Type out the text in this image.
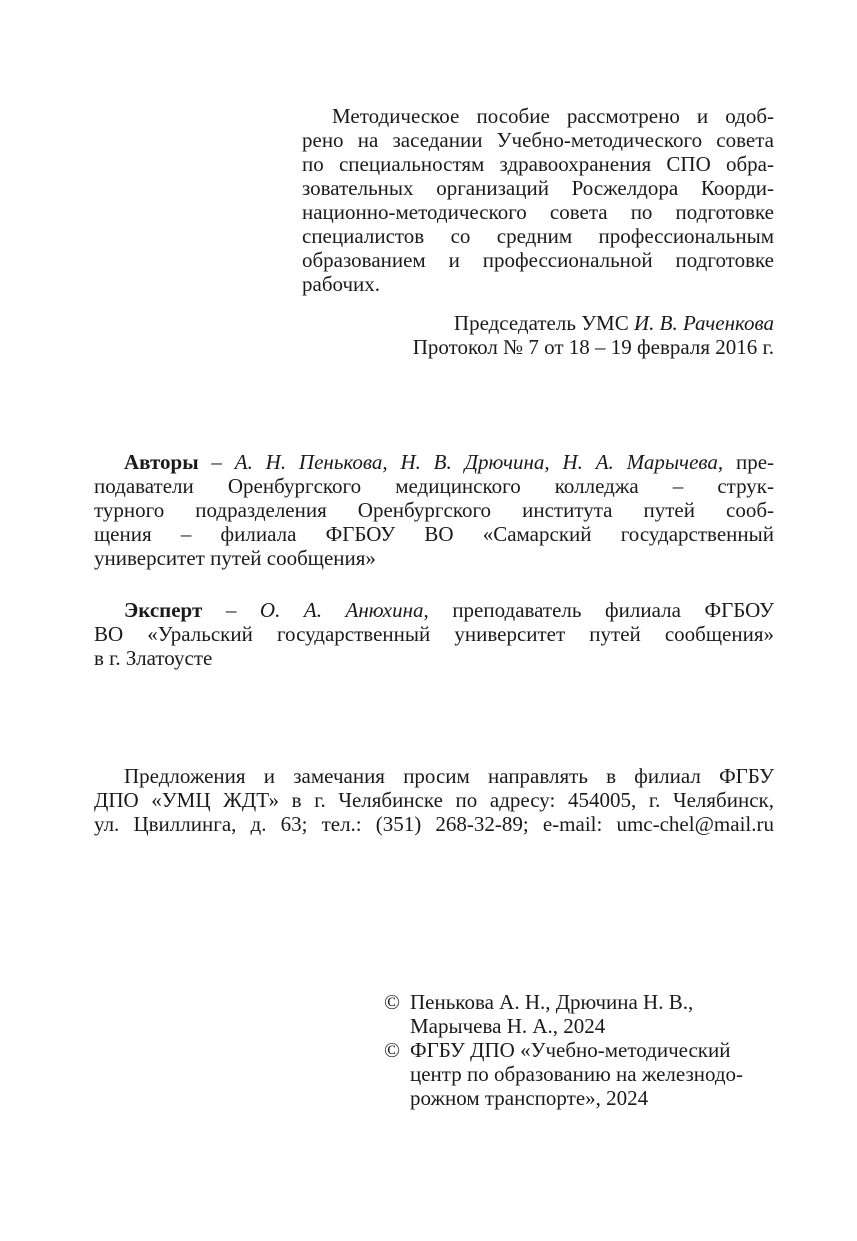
Методическое пособие рассмотрено и одоб-
рено на заседании Учебно-методического совета
по специальностям здравоохранения СПО обра-
зовательных организаций Росжелдора Коорди-
национно-методического совета по подготовке
специалистов со средним профессиональным
образованием и профессиональной подготовке
рабочих.
Председатель УМС И. В. Раченкова
Протокол № 7 от 18 – 19 февраля 2016 г.
Авторы – А. Н. Пенькова, Н. В. Дрючина, Н. А. Марычева, пре-
подаватели Оренбургского медицинского колледжа – струк-
турного подразделения Оренбургского института путей сооб-
щения – филиала ФГБОУ ВО «Самарский государственный
университет путей сообщения»
Эксперт – О. А. Анюхина, преподаватель филиала ФГБОУ
ВО «Уральский государственный университет путей сообщения»
в г. Златоусте
Предложения и замечания просим направлять в филиал ФГБУ
ДПО «УМЦ ЖДТ» в г. Челябинске по адресу: 454005, г. Челябинск,
ул. Цвиллинга, д. 63; тел.: (351) 268-32-89; e-mail: umc-chel@mail.ru
© Пенькова А. Н., Дрючина Н. В.,
Марычева Н. А., 2024
© ФГБУ ДПО «Учебно-методический
центр по образованию на железнодо-
рожном транспорте», 2024
